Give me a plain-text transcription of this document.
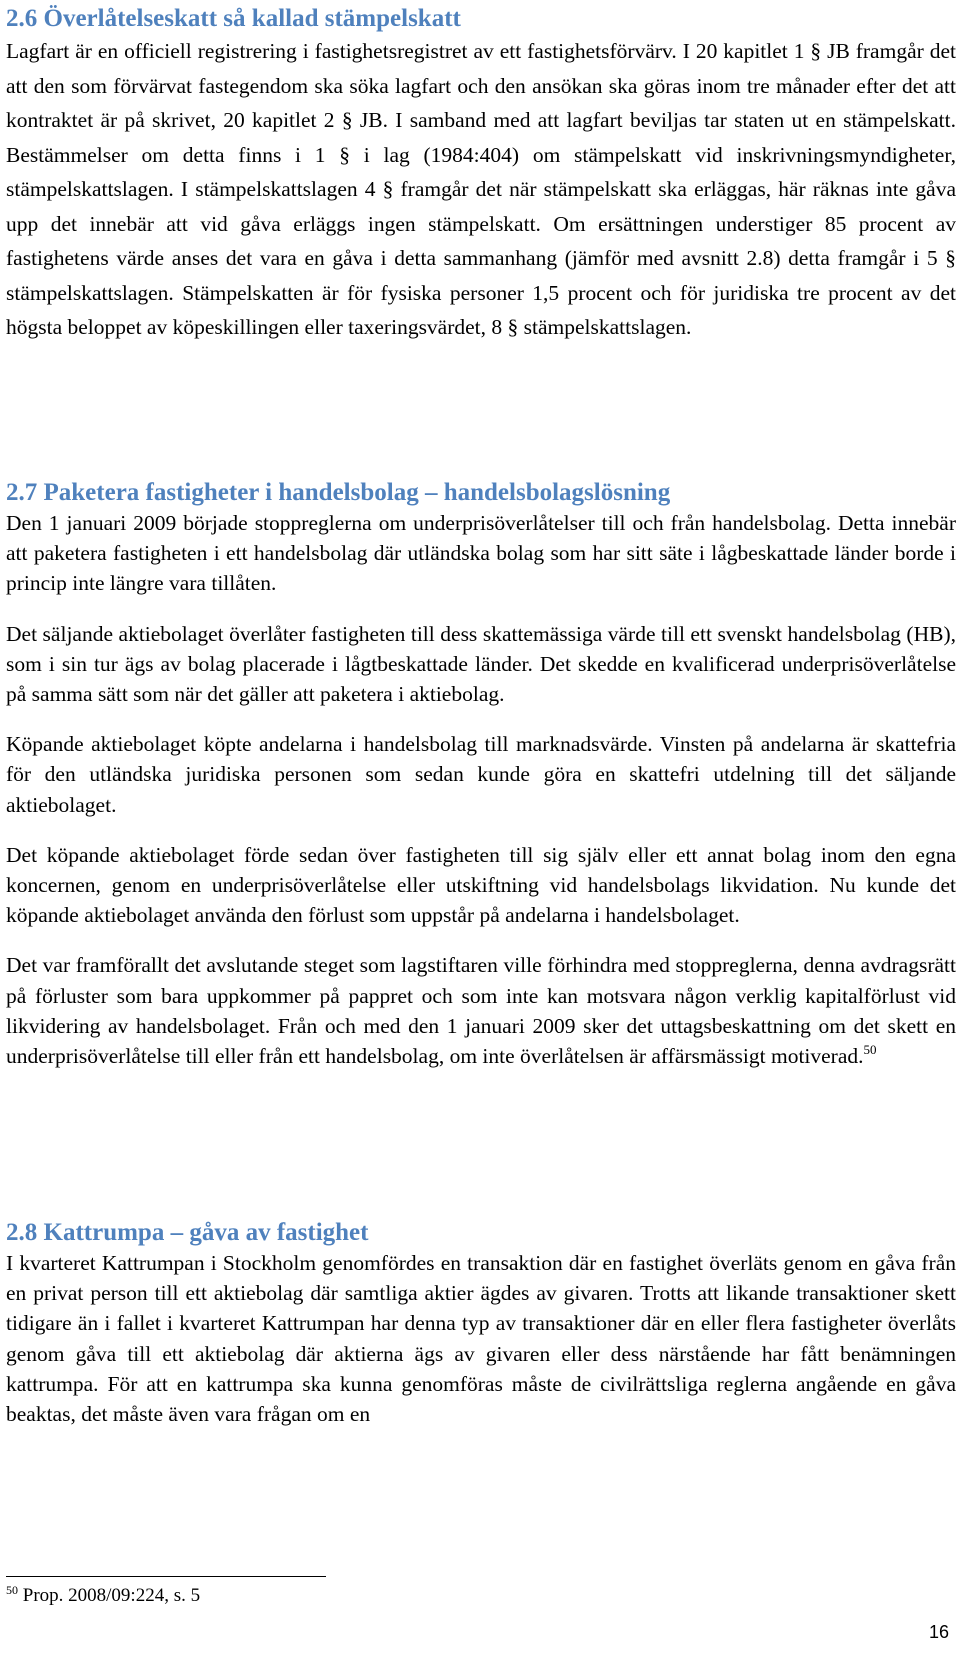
2.6 Överlåtelseskatt så kallad stämpelskatt

Lagfart är en officiell registrering i fastighetsregistret av ett fastighetsförvärv. I 20 kapitlet 1 § JB framgår det att den som förvärvat fastegendom ska söka lagfart och den ansökan ska göras inom tre månader efter det att kontraktet är på skrivet, 20 kapitlet 2 § JB. I samband med att lagfart beviljas tar staten ut en stämpelskatt. Bestämmelser om detta finns i 1 § i lag (1984:404) om stämpelskatt vid inskrivningsmyndigheter, stämpelskattslagen. I stämpelskattslagen 4 § framgår det när stämpelskatt ska erläggas, här räknas inte gåva upp det innebär att vid gåva erläggs ingen stämpelskatt. Om ersättningen understiger 85 procent av fastighetens värde anses det vara en gåva i detta sammanhang (jämför med avsnitt 2.8) detta framgår i 5 § stämpelskattslagen. Stämpelskatten är för fysiska personer 1,5 procent och för juridiska tre procent av det högsta beloppet av köpeskillingen eller taxeringsvärdet, 8 § stämpelskattslagen.

2.7 Paketera fastigheter i handelsbolag – handelsbolagslösning

Den 1 januari 2009 började stoppreglerna om underprisöverlåtelser till och från handelsbolag. Detta innebär att paketera fastigheten i ett handelsbolag där utländska bolag som har sitt säte i lågbeskattade länder borde i princip inte längre vara tillåten.

Det säljande aktiebolaget överlåter fastigheten till dess skattemässiga värde till ett svenskt handelsbolag (HB), som i sin tur ägs av bolag placerade i lågtbeskattade länder. Det skedde en kvalificerad underprisöverlåtelse på samma sätt som när det gäller att paketera i aktiebolag.

Köpande aktiebolaget köpte andelarna i handelsbolag till marknadsvärde. Vinsten på andelarna är skattefria för den utländska juridiska personen som sedan kunde göra en skattefri utdelning till det säljande aktiebolaget.

Det köpande aktiebolaget förde sedan över fastigheten till sig själv eller ett annat bolag inom den egna koncernen, genom en underprisöverlåtelse eller utskiftning vid handelsbolags likvidation. Nu kunde det köpande aktiebolaget använda den förlust som uppstår på andelarna i handelsbolaget.

Det var framförallt det avslutande steget som lagstiftaren ville förhindra med stoppreglerna, denna avdragsrätt på förluster som bara uppkommer på pappret och som inte kan motsvara någon verklig kapitalförlust vid likvidering av handelsbolaget. Från och med den 1 januari 2009 sker det uttagsbeskattning om det skett en underprisöverlåtelse till eller från ett handelsbolag, om inte överlåtelsen är affärsmässigt motiverad.$^{50}$

2.8 Kattrumpa – gåva av fastighet

I kvarteret Kattrumpan i Stockholm genomfördes en transaktion där en fastighet överläts genom en gåva från en privat person till ett aktiebolag där samtliga aktier ägdes av givaren. Trotts att likande transaktioner skett tidigare än i fallet i kvarteret Kattrumpan har denna typ av transaktioner där en eller flera fastigheter överlåts genom gåva till ett aktiebolag där aktierna ägs av givaren eller dess närstående har fått benämningen kattrumpa. För att en kattrumpa ska kunna genomföras måste de civilrättsliga reglerna angående en gåva beaktas, det måste även vara frågan om en

$^{50}$ Prop. 2008/09:224, s. 5
16
